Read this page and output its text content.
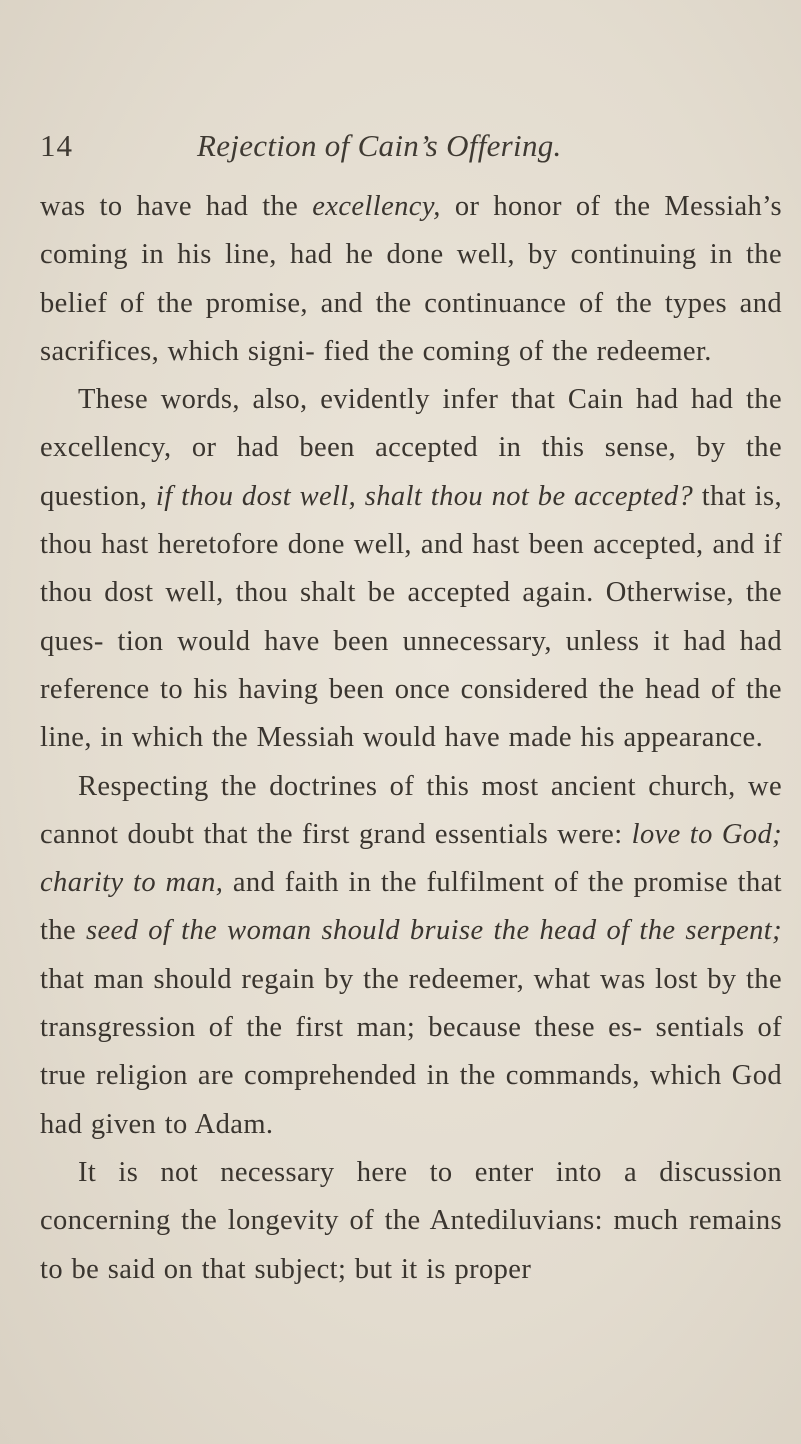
14	Rejection of Cain’s Offering.

was to have had the excellency, or honor of the Messiah’s coming in his line, had he done well, by continuing in the belief of the promise, and the continuance of the types and sacrifices, which signi- fied the coming of the redeemer.

These words, also, evidently infer that Cain had had the excellency, or had been accepted in this sense, by the question, if thou dost well, shalt thou not be accepted? that is, thou hast heretofore done well, and hast been accepted, and if thou dost well, thou shalt be accepted again. Otherwise, the ques- tion would have been unnecessary, unless it had had reference to his having been once considered the head of the line, in which the Messiah would have made his appearance.

Respecting the doctrines of this most ancient church, we cannot doubt that the first grand essentials were: love to God; charity to man, and faith in the fulfilment of the promise that the seed of the woman should bruise the head of the serpent; that man should regain by the redeemer, what was lost by the transgression of the first man; because these es- sentials of true religion are comprehended in the commands, which God had given to Adam.

It is not necessary here to enter into a discussion concerning the longevity of the Antediluvians: much remains to be said on that subject; but it is proper
